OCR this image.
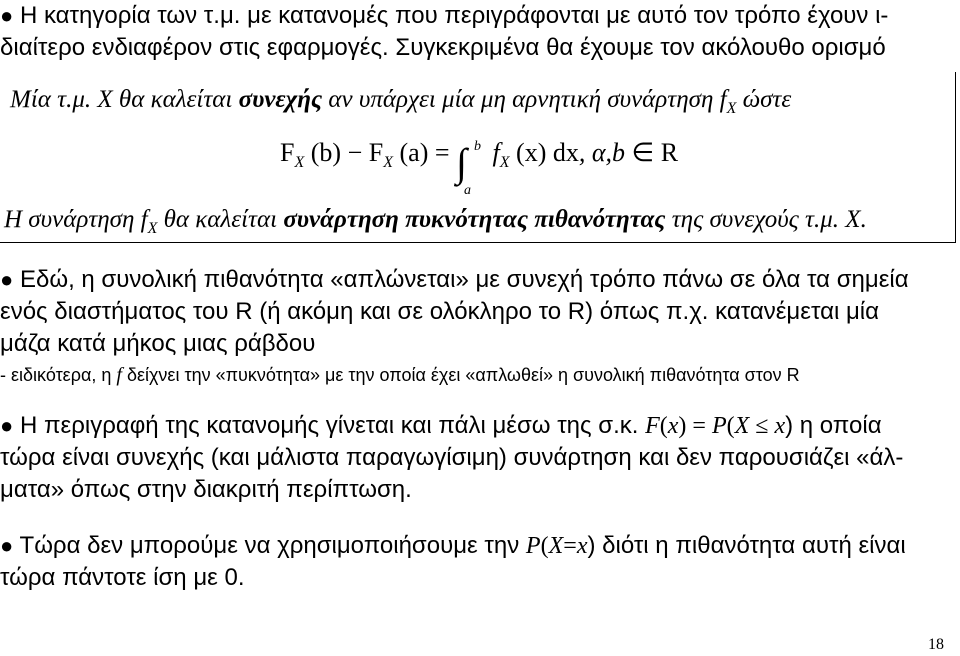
● Η κατηγορία των τ.μ. με κατανομές που περιγράφονται με αυτό τον τρόπο έχουν ι-
διαίτερο ενδιαφέρον στις εφαρμογές. Συγκεκριμένα θα έχουμε τον ακόλουθο ορισμό
Μία τ.μ. X θα καλείται συνεχής αν υπάρχει μία μη αρνητική συνάρτηση $f_X$ ώστε
$F_X$ $(b) - F_X$ (a) = ∫ b
a
$f_X$ (x) dx, α,b ∈ R
Η συνάρτηση $f_X$ θα καλείται συνάρτηση πυκνότητας πιθανότητας της συνεχούς τ.μ. X.
● Εδώ, η συνολική πιθανότητα «απλώνεται» με συνεχή τρόπο πάνω σε όλα τα σημεία
ενός διαστήματος του R (ή ακόμη και σε ολόκληρο το R) όπως π.χ. κατανέμεται μία
μάζα κατά μήκος μιας ράβδου
- ειδικότερα, η f δείχνει την «πυκνότητα» με την οποία έχει «απλωθεί» η συνολική πιθανότητα στον R
● Η περιγραφή της κατανομής γίνεται και πάλι μέσω της σ.κ. F(x) = P(X ≤ x) η οποία
τώρα είναι συνεχής (και μάλιστα παραγωγίσιμη) συνάρτηση και δεν παρουσιάζει «άλ-
ματα» όπως στην διακριτή περίπτωση.
● Τώρα δεν μπορούμε να χρησιμοποιήσουμε την P(X=x) διότι η πιθανότητα αυτή είναι
τώρα πάντοτε ίση με 0.
18
